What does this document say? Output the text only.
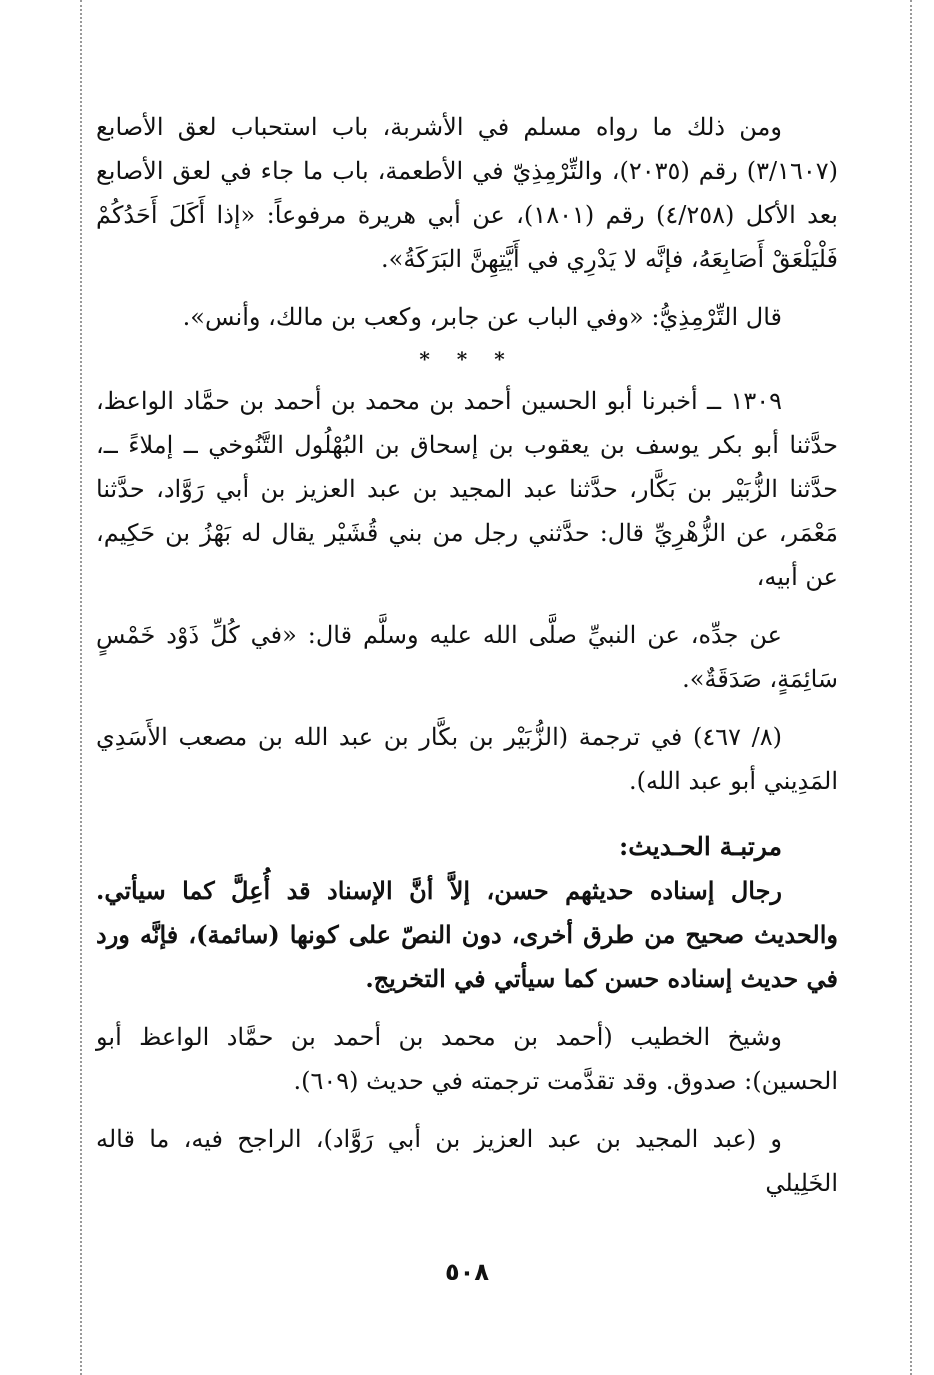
ومن ذلك ما رواه مسلم في الأشربة، باب استحباب لعق الأصابع (٣/١٦٠٧) رقم (٢٠٣٥)، والتِّرْمِذِيّ في الأطعمة، باب ما جاء في لعق الأصابع بعد الأكل (٤/٢٥٨) رقم (١٨٠١)، عن أبي هريرة مرفوعاً: «إذا أَكَلَ أَحَدُكُمْ فَلْيَلْعَقْ أَصَابِعَهُ، فإنَّه لا يَدْرِي في أَيَّتِهِنَّ البَرَكَةُ».

قال التِّرْمِذِيُّ: «وفي الباب عن جابر، وكعب بن مالك، وأنس».

* * *

١٣٠٩ ــ أخبرنا أبو الحسين أحمد بن محمد بن أحمد بن حمَّاد الواعظ، حدَّثنا أبو بكر يوسف بن يعقوب بن إسحاق بن البُهْلُول التَّنُوخي ــ إملاءً ــ، حدَّثنا الزُّبَيْر بن بَكَّار، حدَّثنا عبد المجيد بن عبد العزيز بن أبي رَوَّاد، حدَّثنا مَعْمَر، عن الزُّهْرِيِّ قال: حدَّثني رجل من بني قُشَيْر يقال له بَهْزُ بن حَكِيم، عن أبيه،

عن جدِّه، عن النبيِّ صلَّى الله عليه وسلَّم قال: «في كُلِّ ذَوْد خَمْسٍ سَائِمَةٍ، صَدَقَةٌ».

(٨/ ٤٦٧) في ترجمة (الزُّبَيْر بن بكَّار بن عبد الله بن مصعب الأَسَدِي المَدِيني أبو عبد الله).

مرتبـة الحـديث:

رجال إسناده حديثهم حسن، إلاَّ أنَّ الإسناد قد أُعِلَّ كما سيأتي. والحديث صحيح من طرق أخرى، دون النصّ على كونها (سائمة)، فإنَّه ورد في حديث إسناده حسن كما سيأتي في التخريج.

وشيخ الخطيب (أحمد بن محمد بن أحمد بن حمَّاد الواعظ أبو الحسين): صدوق. وقد تقدَّمت ترجمته في حديث (٦٠٩).

و (عبد المجيد بن عبد العزيز بن أبي رَوَّاد)، الراجح فيه، ما قاله الخَلِيلي

٥٠٨
